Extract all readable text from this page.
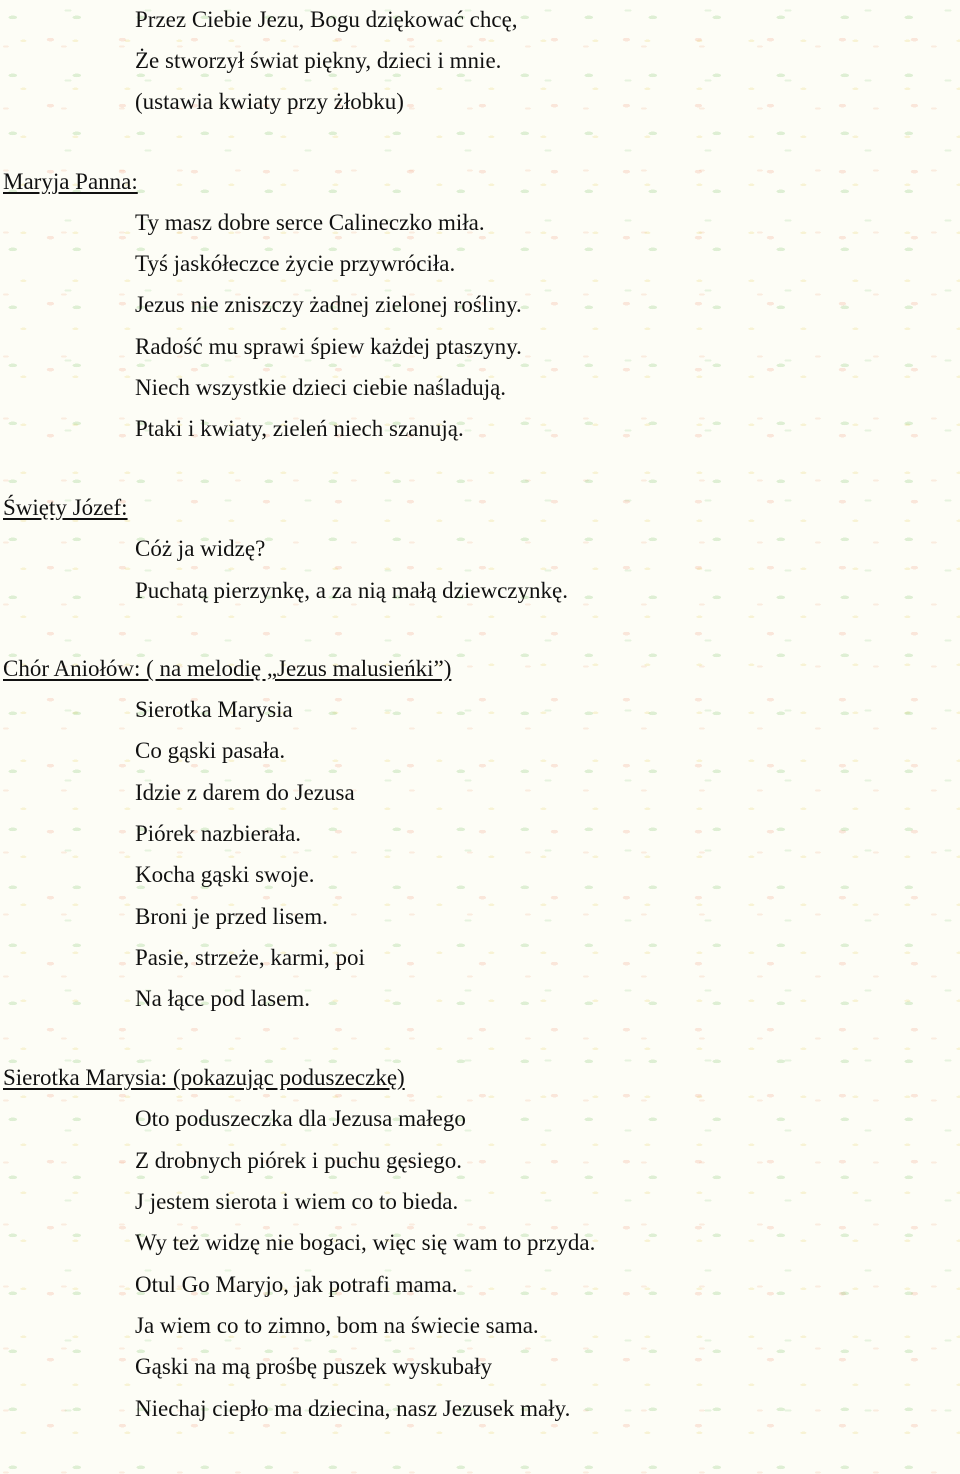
Przez Ciebie Jezu, Bogu dziękować chcę,
Że stworzył świat piękny, dzieci i mnie.
(ustawia kwiaty przy żłobku)
Maryja Panna:
Ty masz dobre serce Calineczko miła.
Tyś jaskółeczce życie przywróciła.
Jezus nie zniszczy żadnej zielonej rośliny.
Radość mu sprawi śpiew każdej ptaszyny.
Niech wszystkie dzieci ciebie naśladują.
Ptaki i kwiaty, zieleń niech szanują.
Święty Józef:
Cóż ja widzę?
Puchatą pierzynkę, a za nią małą dziewczynkę.
Chór Aniołów: ( na melodię „Jezus malusieńki”)
Sierotka Marysia
Co gąski pasała.
Idzie z darem do Jezusa
Piórek nazbierała.
Kocha gąski swoje.
Broni je przed lisem.
Pasie, strzeże, karmi, poi
Na łące pod lasem.
Sierotka Marysia: (pokazując poduszeczkę)
Oto poduszeczka dla Jezusa małego
Z drobnych piórek i puchu gęsiego.
J jestem sierota i wiem co to bieda.
Wy też widzę nie bogaci, więc się wam to przyda.
Otul Go Maryjo, jak potrafi mama.
Ja wiem co to zimno, bom na świecie sama.
Gąski na mą prośbę puszek wyskubały
Niechaj ciepło ma dziecina, nasz Jezusek mały.
